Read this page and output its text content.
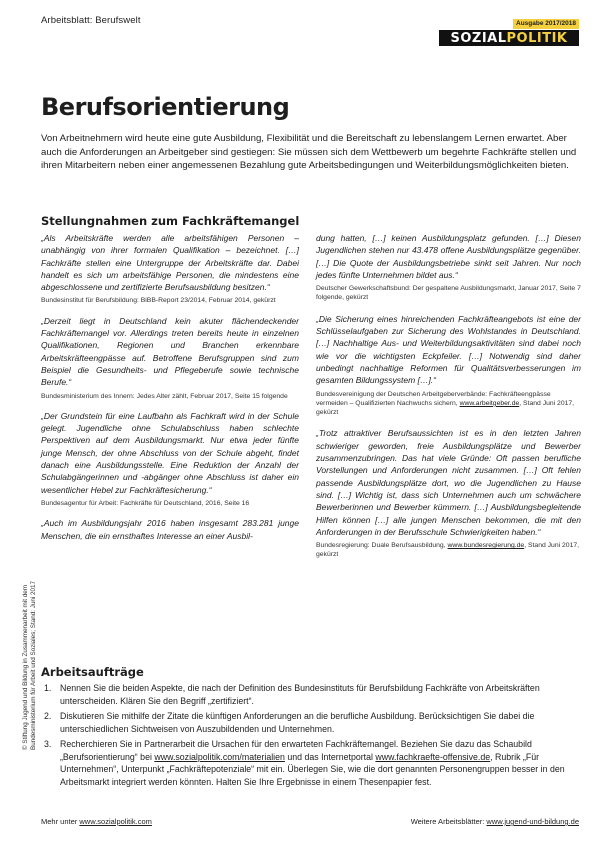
Arbeitsblatt: Berufswelt	Ausgabe 2017/2018
SOZIAL POLITIK
Berufsorientierung

Von Arbeitnehmern wird heute eine gute Ausbildung, Flexibilität und die Bereitschaft zu lebenslangem Lernen erwartet. Aber auch die Anforderungen an Arbeitgeber sind gestiegen: Sie müssen sich dem Wettbewerb um begehrte Fachkräfte stellen und ihren Mitarbeitern neben einer angemessenen Bezahlung gute Arbeitsbedingungen und Weiterbildungsmöglichkeiten bieten.

Stellungnahmen zum Fachkräftemangel

„Als Arbeitskräfte werden alle arbeitsfähigen Personen – unabhängig von ihrer formalen Qualifikation – bezeichnet. […] Fachkräfte stellen eine Untergruppe der Arbeitskräfte dar. Dabei handelt es sich um arbeitsfähige Personen, die mindestens eine abgeschlossene und zertifizierte Berufsausbildung besitzen.“

Bundesinstitut für Berufsbildung: BiBB-Report 23/2014, Februar 2014, gekürzt

„Derzeit liegt in Deutschland kein akuter flächendeckender Fachkräftemangel vor. Allerdings treten bereits heute in einzelnen Qualifikationen, Regionen und Branchen erkennbare Arbeitskräfteengpässe auf. Betroffene Berufsgruppen sind zum Beispiel die Gesundheits- und Pflegeberufe sowie technische Berufe.“

Bundesministerium des Innern: Jedes Alter zählt, Februar 2017, Seite 15 folgende

„Der Grundstein für eine Laufbahn als Fachkraft wird in der Schule gelegt. Jugendliche ohne Schulabschluss haben schlechte Perspektiven auf dem Ausbildungsmarkt. Nur etwa jeder fünfte junge Mensch, der ohne Abschluss von der Schule abgeht, findet danach eine Ausbildungsstelle. Eine Reduktion der Anzahl der Schulabgängerinnen und -abgänger ohne Abschluss ist daher ein wesentlicher Hebel zur Fachkräftesicherung.“

Bundesagentur für Arbeit: Fachkräfte für Deutschland, 2016, Seite 16

„Auch im Ausbildungsjahr 2016 haben insgesamt 283.281 junge Menschen, die ein ernsthaftes Interesse an einer Ausbil-

dung hatten, […] keinen Ausbildungsplatz gefunden. […] Diesen Jugendlichen stehen nur 43.478 offene Ausbildungsplätze gegenüber. […] Die Quote der Ausbildungsbetriebe sinkt seit Jahren. Nur noch jedes fünfte Unternehmen bildet aus.“

Deutscher Gewerkschaftsbund: Der gespaltene Ausbildungsmarkt, Januar 2017, Seite 7 folgende, gekürzt

„Die Sicherung eines hinreichenden Fachkräfteangebots ist eine der Schlüsselaufgaben zur Sicherung des Wohlstandes in Deutschland. […] Nachhaltige Aus- und Weiterbildungsaktivitäten sind dabei noch wie vor die wichtigsten Eckpfeiler. […] Notwendig sind daher unbedingt nachhaltige Reformen für Qualitätsverbesserungen im gesamten Bildungssystem […].“

Bundesvereinigung der Deutschen Arbeitgeberverbände: Fachkräfteengpässe vermeiden – Qualifizierten Nachwuchs sichern, www.arbeitgeber.de, Stand Juni 2017, gekürzt

„Trotz attraktiver Berufsaussichten ist es in den letzten Jahren schwieriger geworden, freie Ausbildungsplätze und Bewerber zusammenzubringen. Das hat viele Gründe: Oft passen berufliche Vorstellungen und Anforderungen nicht zusammen. […] Oft fehlen passende Ausbildungsplätze dort, wo die Jugendlichen zu Hause sind. […] Wichtig ist, dass sich Unternehmen auch um schwächere Bewerberinnen und Bewerber kümmern. […] Ausbildungsbegleitende Hilfen können […] alle jungen Menschen bekommen, die mit den Anforderungen in der Berufsschule Schwierigkeiten haben.“

Bundesregierung: Duale Berufsausbildung, www.bundesregierung.de, Stand Juni 2017, gekürzt

© Stiftung Jugend und Bildung in Zusammenarbeit mit dem Bundesministerium für Arbeit und Soziales; Stand: Juni 2017 Arbeitsaufträge
1. Nennen Sie die beiden Aspekte, die nach der Definition des Bundesinstituts für Berufsbildung Fachkräfte von Arbeitskräften unterscheiden. Klären Sie den Begriff „zertifiziert“.
2. Diskutieren Sie mithilfe der Zitate die künftigen Anforderungen an die berufliche Ausbildung. Berücksichtigen Sie dabei die unterschiedlichen Sichtweisen von Auszubildenden und Unternehmen.
3. Recherchieren Sie in Partnerarbeit die Ursachen für den erwarteten Fachkräftemangel. Beziehen Sie dazu das Schaubild „Berufsorientierung“ bei www.sozialpolitik.com/materialien und das Internetportal www.fachkraefte-offensive.de, Rubrik „Für Unternehmen“, Unterpunkt „Fachkräftepotenziale“ mit ein. Überlegen Sie, wie die dort genannten Personengruppen besser in den Arbeitsmarkt integriert werden könnten. Halten Sie Ihre Ergebnisse in einem Thesenpapier fest.
Mehr unter www.sozialpolitik.com	Weitere Arbeitsblätter: www.jugend-und-bildung.de
